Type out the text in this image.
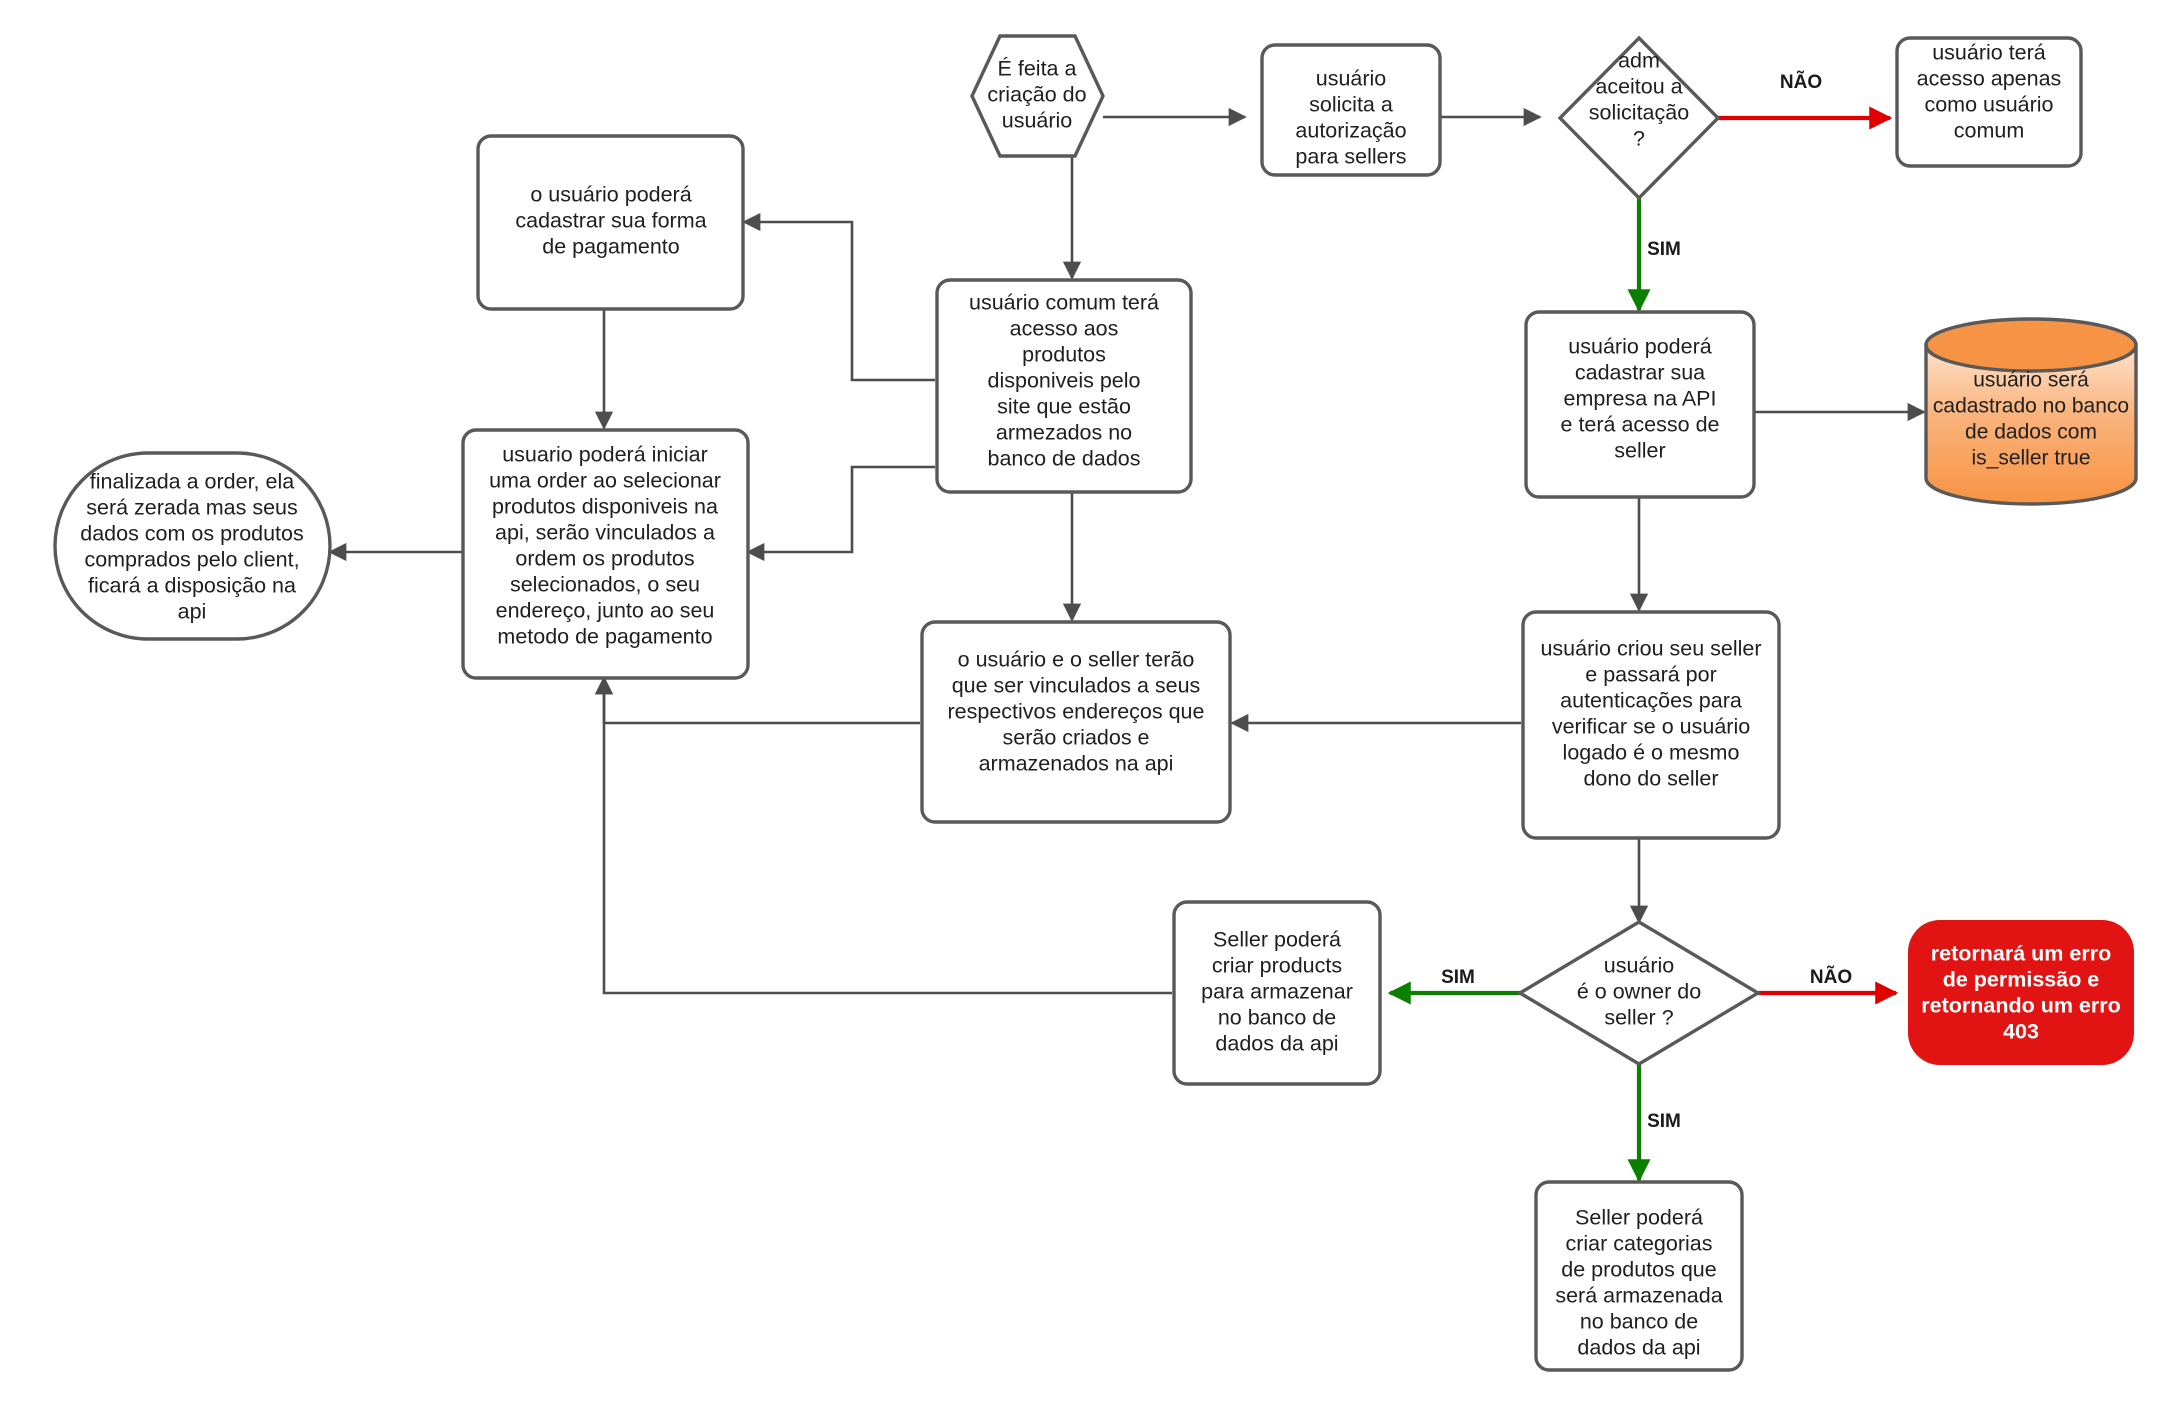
NÃO
SIM
NÃO
SIM
SIM
É feita a
criação do
usuário
usuário
solicita a
autorização
para sellers
adm
aceitou a
solicitação
?
usuário terá
acesso apenas
como usuário
comum
usuário poderá
cadastrar sua
empresa na API
e terá acesso de
seller
usuário será
cadastrado no banco
de dados com
is_seller true
usuário comum terá
acesso aos
produtos
disponiveis pelo
site que estão
armezados no
banco de dados
o usuário poderá
cadastrar sua forma
de pagamento
usuario poderá iniciar
uma order ao selecionar
produtos disponiveis na
api, serão vinculados a
ordem os produtos
selecionados, o seu
endereço, junto ao seu
metodo de pagamento
finalizada a order, ela
será zerada mas seus
dados com os produtos
comprados pelo client,
ficará a disposição na
api
o usuário e o seller terão
que ser vinculados a seus
respectivos endereços que
serão criados e
armazenados na api
usuário criou seu seller
e passará por
autenticações para
verificar se o usuário
logado é o mesmo
dono do seller
usuário
é o owner do
seller ?
retornará um erro
de permissão e
retornando um erro
403
Seller poderá
criar products
para armazenar
no banco de
dados da api
Seller poderá
criar categorias
de produtos que
será armazenada
no banco de
dados da api
